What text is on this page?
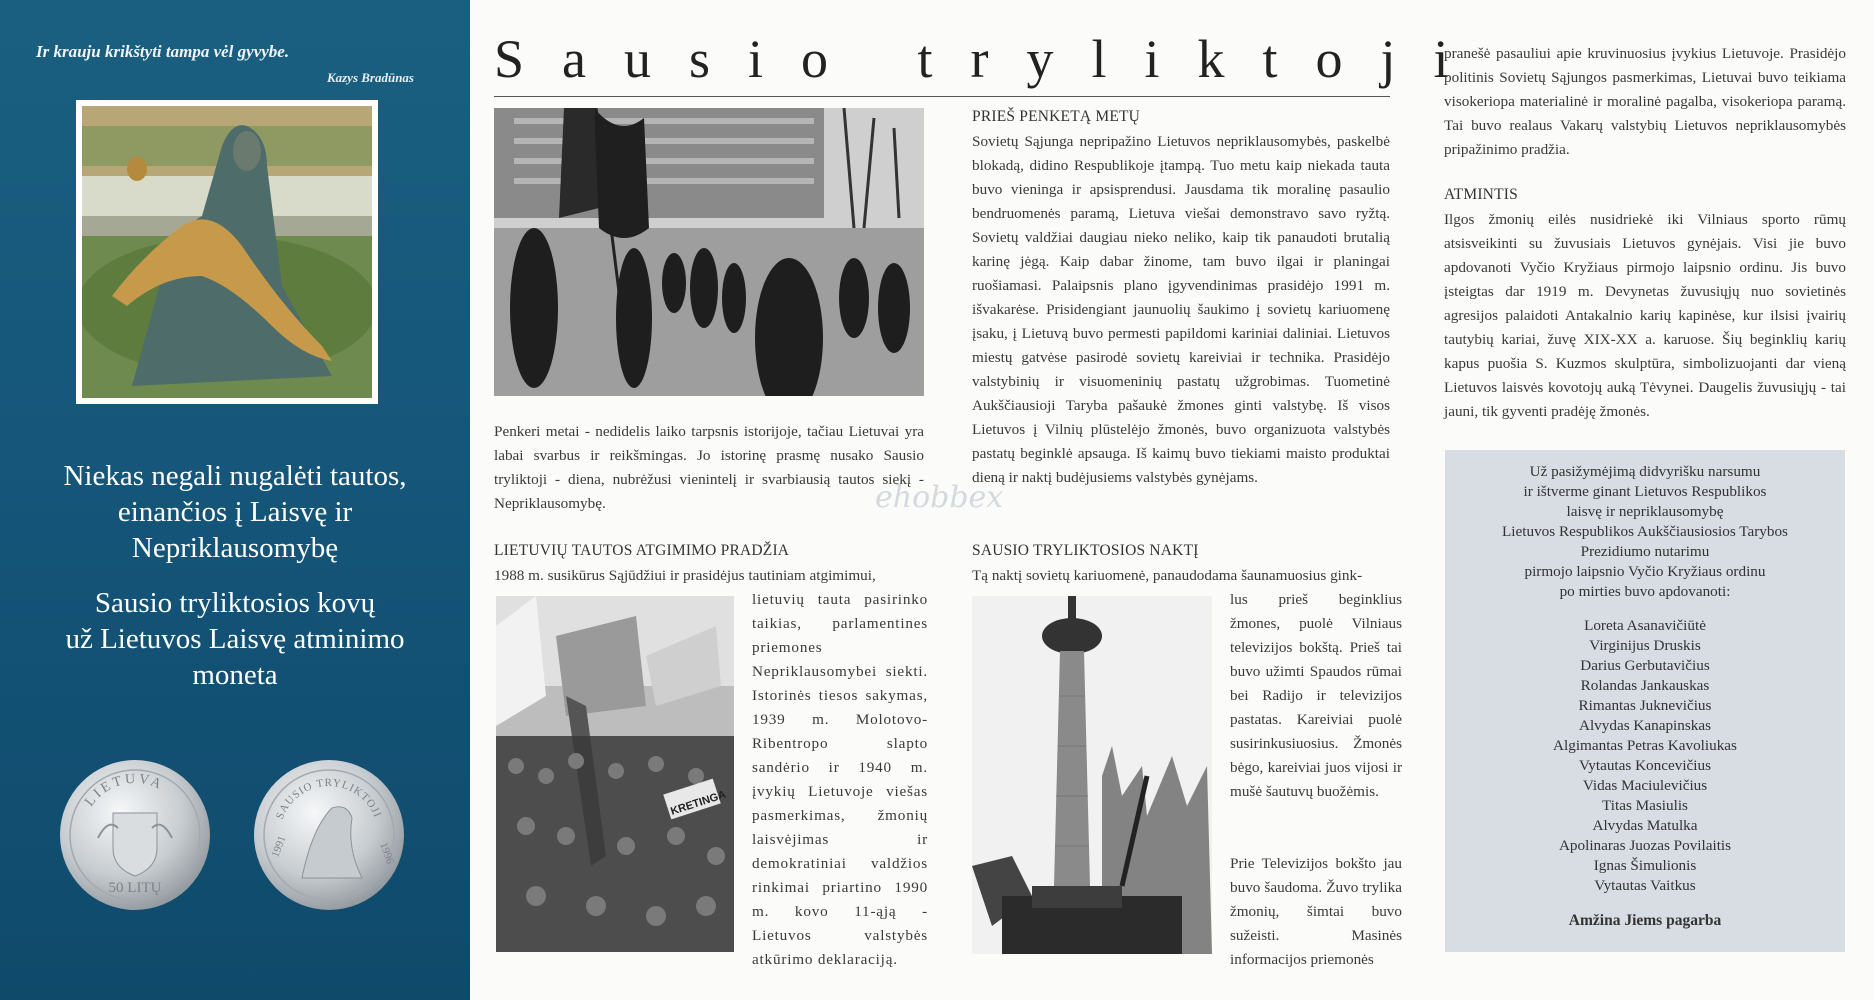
Ir krauju krikštyti tampa vėl gyvybe.
Kazys Bradūnas
Niekas negali nugalėti tautos,
einančios į Laisvę ir
Nepriklausomybę
Sausio tryliktosios kovų
už Lietuvos Laisvę atminimo
moneta
LIETUVA
50 LITŲ
SAUSIO TRYLIKTOJI
1991	1996
Sausio tryliktoji
Penkeri metai - nedidelis laiko tarpsnis istorijoje, tačiau Lietuvai yra labai svarbus ir reikšmingas. Jo istorinę prasmę nusako Sausio tryliktoji - diena, nubrėžusi vienintelį ir svarbiausią tautos siekį - Nepriklausomybę.
LIETUVIŲ TAUTOS ATGIMIMO PRADŽIA
1988 m. susikūrus Sąjūdžiui ir prasidėjus tautiniam atgimimui,
KRETINGA
lietuvių tauta pasirinko taikias, parlamentines priemones Nepriklausomybei siekti. Istorinės tiesos sakymas, 1939 m. Molotovo-Ribentropo slapto sandėrio ir 1940 m. įvykių Lietuvoje viešas pasmerkimas, žmonių laisvėjimas ir demokratiniai valdžios rinkimai priartino 1990 m. kovo 11-ąją - Lietuvos valstybės atkūrimo deklaraciją.
PRIEŠ PENKETĄ METŲ
Sovietų Sąjunga nepripažino Lietuvos nepriklausomybės, paskelbė blokadą, didino Respublikoje įtampą. Tuo metu kaip niekada tauta buvo vieninga ir apsisprendusi. Jausdama tik moralinę pasaulio bendruomenės paramą, Lietuva viešai demonstravo savo ryžtą. Sovietų valdžiai daugiau nieko neliko, kaip tik panaudoti brutalią karinę jėgą. Kaip dabar žinome, tam buvo ilgai ir planingai ruošiamasi. Palaipsnis plano įgyvendinimas prasidėjo 1991 m. išvakarėse. Prisidengiant jaunuolių šaukimo į sovietų kariuomenę įsaku, į Lietuvą buvo permesti papildomi kariniai daliniai. Lietuvos miestų gatvėse pasirodė sovietų kareiviai ir technika. Prasidėjo valstybinių ir visuomeninių pastatų užgrobimas. Tuometinė Aukščiausioji Taryba pašaukė žmones ginti valstybę. Iš visos Lietuvos į Vilnių plūstelėjo žmonės, buvo organizuota valstybės pastatų beginklė apsauga. Iš kaimų buvo tiekiami maisto produktai dieną ir naktį budėjusiems valstybės gynėjams.
SAUSIO TRYLIKTOSIOS NAKTĮ
Tą naktį sovietų kariuomenė, panaudodama šaunamuosius gink-
lus prieš beginklius žmones, puolė Vilniaus televizijos bokštą. Prieš tai buvo užimti Spaudos rūmai bei Radijo ir televizijos pastatas. Kareiviai puolė susirinkusiuosius. Žmonės bėgo, kareiviai juos vijosi ir mušė šautuvų buožėmis.
Prie Televizijos bokšto jau buvo šaudoma. Žuvo trylika žmonių, šimtai buvo sužeisti. Masinės informacijos priemonės
ehobbex
pranešė pasauliui apie kruvinuosius įvykius Lietuvoje. Prasidėjo politinis Sovietų Sąjungos pasmerkimas, Lietuvai buvo teikiama visokeriopa materialinė ir moralinė pagalba, visokeriopa paramą. Tai buvo realaus Vakarų valstybių Lietuvos nepriklausomybės pripažinimo pradžia.
ATMINTIS
Ilgos žmonių eilės nusidriekė iki Vilniaus sporto rūmų atsisveikinti su žuvusiais Lietuvos gynėjais. Visi jie buvo apdovanoti Vyčio Kryžiaus pirmojo laipsnio ordinu. Jis buvo įsteigtas dar 1919 m. Devynetas žuvusiųjų nuo sovietinės agresijos palaidoti Antakalnio karių kapinėse, kur ilsisi įvairių tautybių kariai, žuvę XIX-XX a. karuose. Šių beginklių karių kapus puošia S. Kuzmos skulptūra, simbolizuojanti dar vieną Lietuvos laisvės kovotojų auką Tėvynei. Daugelis žuvusiųjų - tai jauni, tik gyventi pradėję žmonės.
Už pasižymėjimą didvyrišku narsumu
ir ištverme ginant Lietuvos Respublikos
laisvę ir nepriklausomybę
Lietuvos Respublikos Aukščiausiosios Tarybos
Prezidiumo nutarimu
pirmojo laipsnio Vyčio Kryžiaus ordinu
po mirties buvo apdovanoti:
Loreta Asanavičiūtė
Virginijus Druskis
Darius Gerbutavičius
Rolandas Jankauskas
Rimantas Juknevičius
Alvydas Kanapinskas
Algimantas Petras Kavoliukas
Vytautas Koncevičius
Vidas Maciulevičius
Titas Masiulis
Alvydas Matulka
Apolinaras Juozas Povilaitis
Ignas Šimulionis
Vytautas Vaitkus
Amžina Jiems pagarba
